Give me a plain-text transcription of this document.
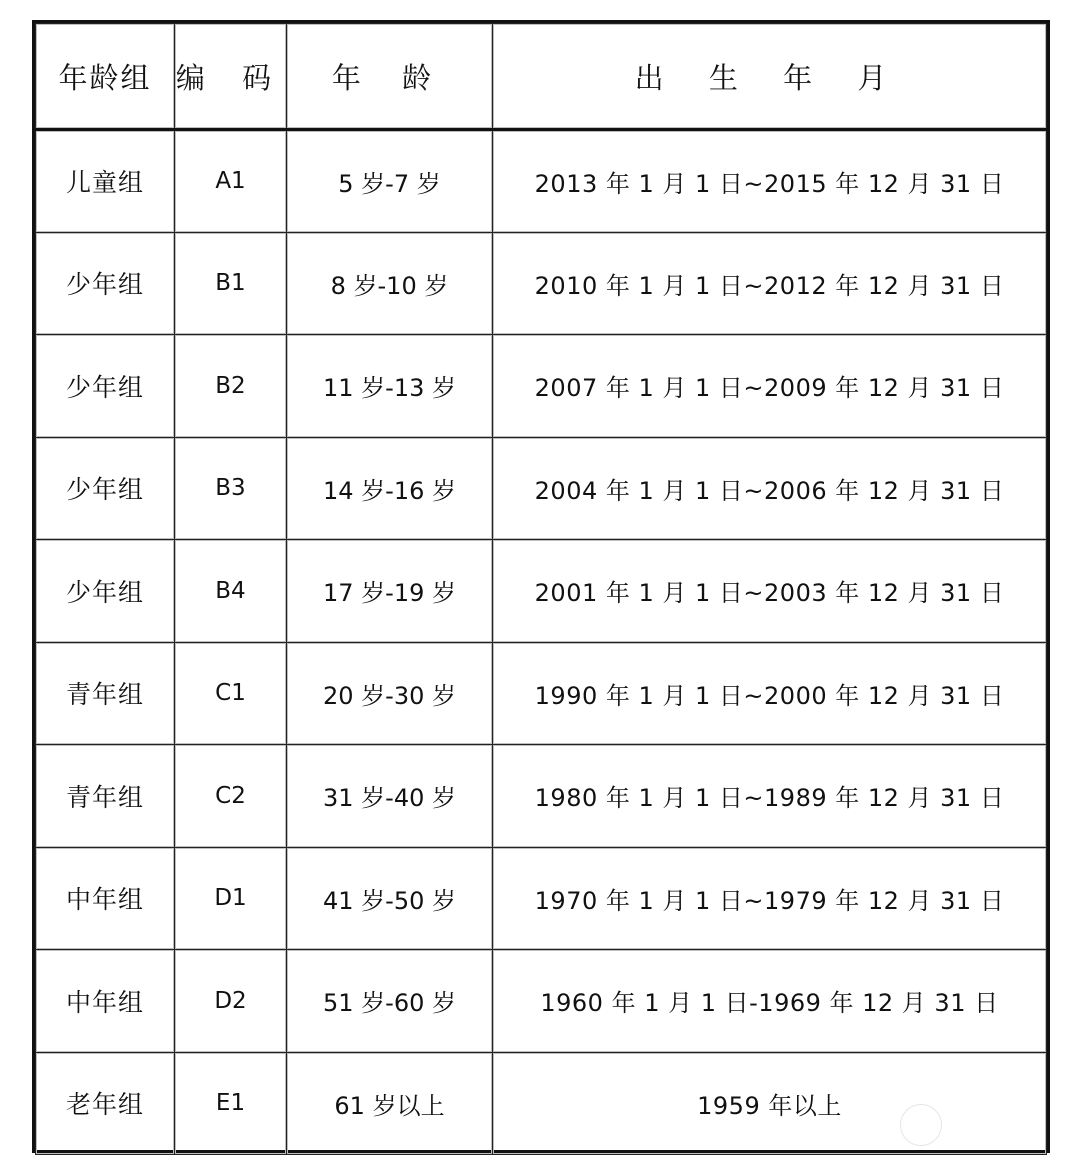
年龄组	编 码	年 龄	出 生 年 月
儿童组	A1	5 岁-7 岁	2013 年 1 月 1 日~2015 年 12 月 31 日
少年组	B1	8 岁-10 岁	2010 年 1 月 1 日~2012 年 12 月 31 日
少年组	B2	11 岁-13 岁	2007 年 1 月 1 日~2009 年 12 月 31 日
少年组	B3	14 岁-16 岁	2004 年 1 月 1 日~2006 年 12 月 31 日
少年组	B4	17 岁-19 岁	2001 年 1 月 1 日~2003 年 12 月 31 日
青年组	C1	20 岁-30 岁	1990 年 1 月 1 日~2000 年 12 月 31 日
青年组	C2	31 岁-40 岁	1980 年 1 月 1 日~1989 年 12 月 31 日
中年组	D1	41 岁-50 岁	1970 年 1 月 1 日~1979 年 12 月 31 日
中年组	D2	51 岁-60 岁	1960 年 1 月 1 日-1969 年 12 月 31 日
老年组	E1	61 岁以上	1959 年以上
